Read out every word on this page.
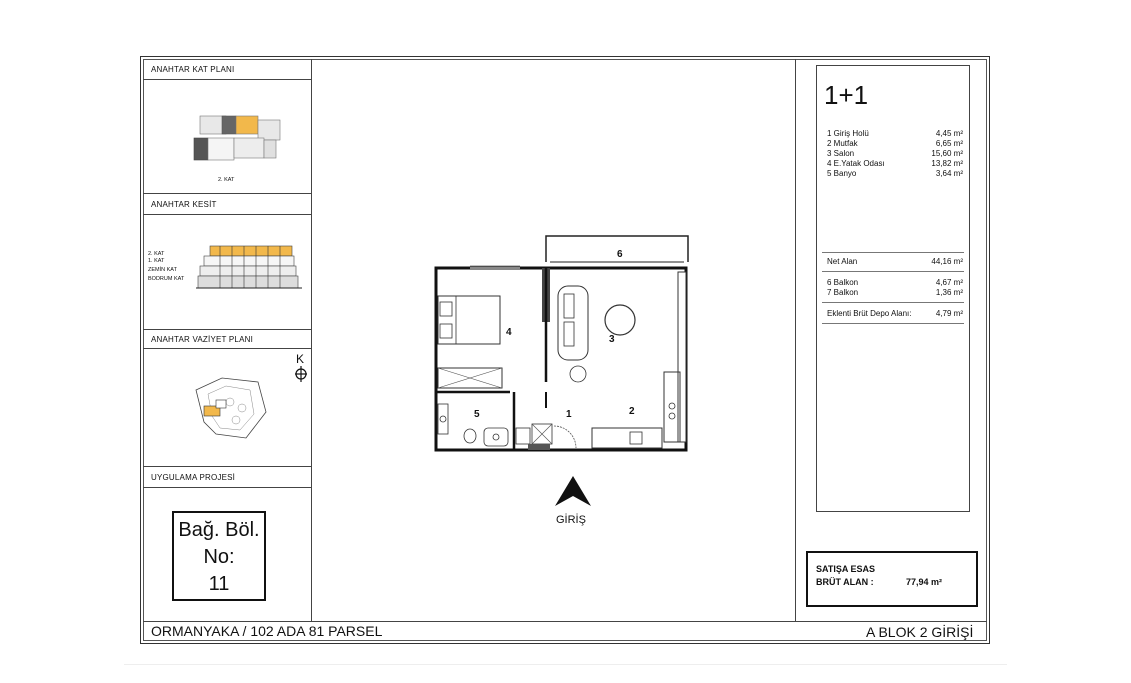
ANAHTAR KAT PLANI
ANAHTAR KESİT
ANAHTAR VAZİYET PLANI
UYGULAMA PROJESİ
2. KAT
2. KAT
1. KAT
ZEMİN KAT
BODRUM KAT
K
Bağ. Böl.
No:
11
1	2
3
4
5
6
GİRİŞ
1+1
1 Giriş Holü	4,45 m²
2 Mutfak	6,65 m²
3 Salon	15,60 m²
4 E.Yatak Odası	13,82 m²
5 Banyo	3,64 m²
Net Alan	44,16 m²
6 Balkon	4,67 m²
7 Balkon	1,36 m²
Eklenti Brüt Depo Alanı:	4,79 m²
SATIŞA ESAS
BRÜT ALAN :	77,94 m²
ORMANYAKA / 102 ADA 81 PARSEL	A BLOK 2 GİRİŞİ
